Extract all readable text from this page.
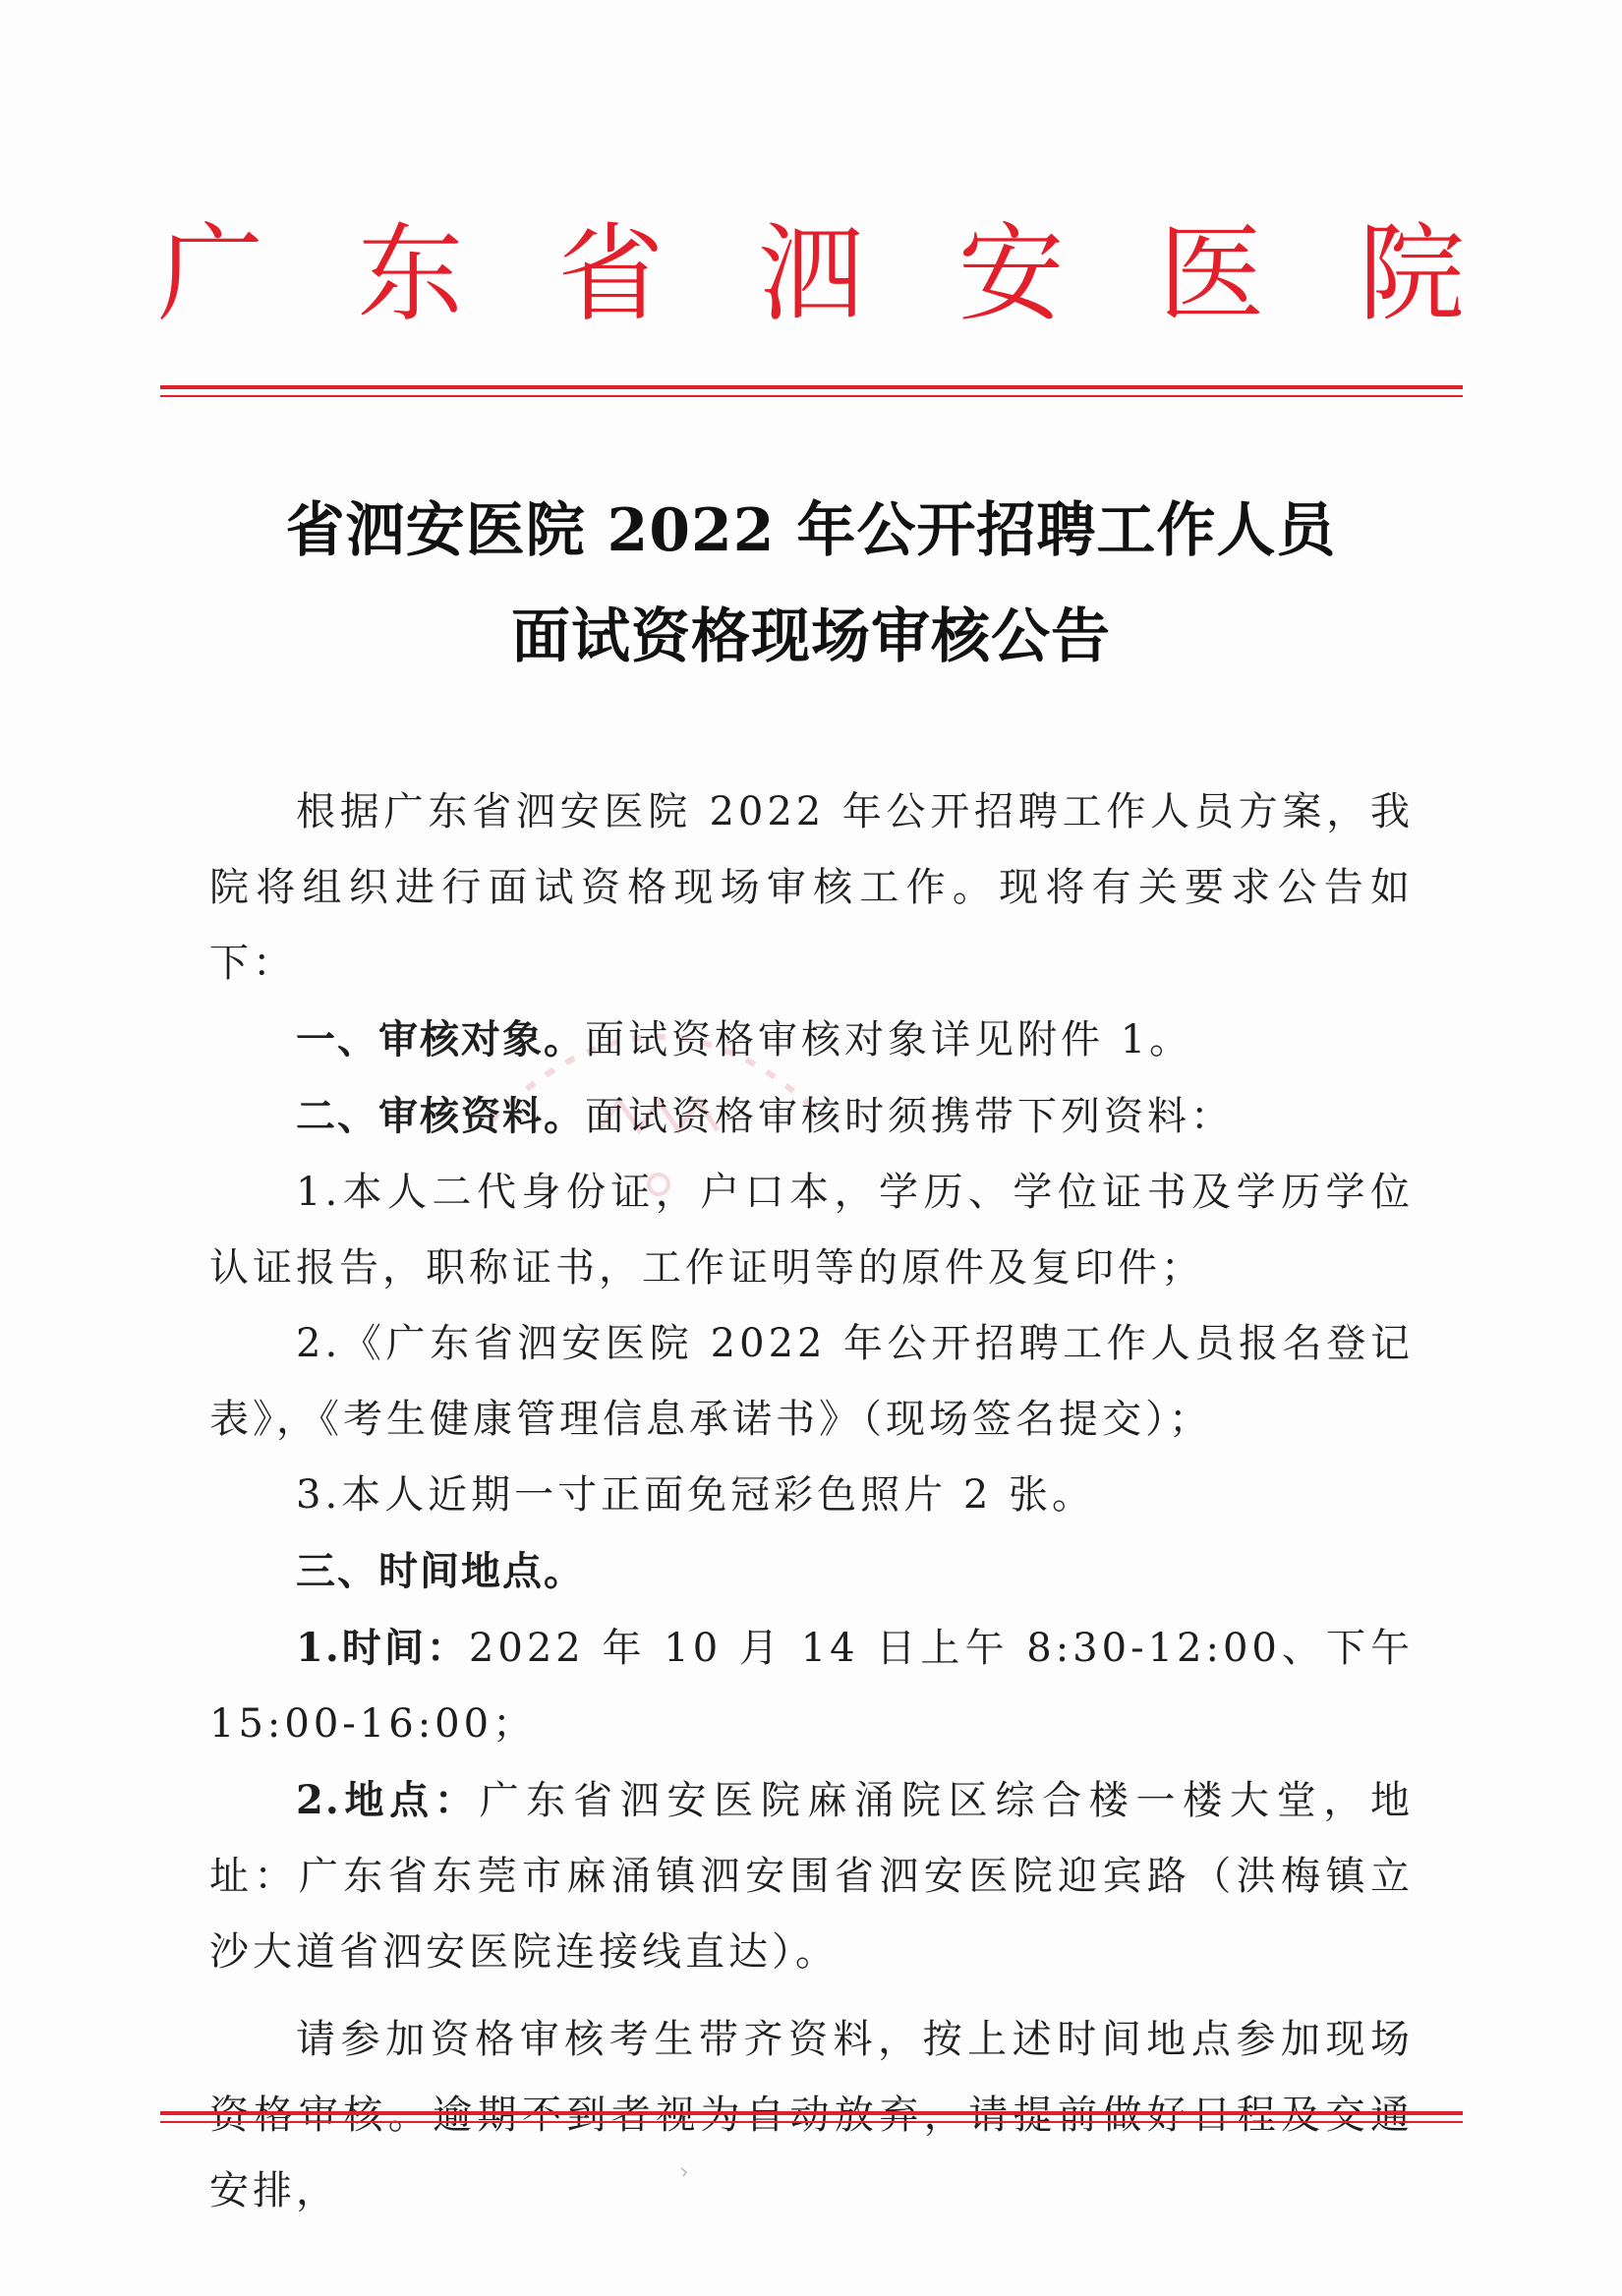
广 东 省 泗 安 医 院
省泗安医院 2022 年公开招聘工作人员
面试资格现场审核公告

根据广东省泗安医院 2022 年公开招聘工作人员方案，我院将组织进行面试资格现场审核工作。现将有关要求公告如下：

一、审核对象。面试资格审核对象详见附件 1。

二、审核资料。面试资格审核时须携带下列资料：

1.本人二代身份证，户口本，学历、学位证书及学历学位认证报告，职称证书，工作证明等的原件及复印件；

2.《广东省泗安医院 2022 年公开招聘工作人员报名登记表》，《考生健康管理信息承诺书》（现场签名提交）；

3.本人近期一寸正面免冠彩色照片 2 张。

三、时间地点。

1.时间：2022 年 10 月 14 日上午 8:30-12:00、下午 15:00-16:00；

2.地点：广东省泗安医院麻涌院区综合楼一楼大堂，地址：广东省东莞市麻涌镇泗安围省泗安医院迎宾路（洪梅镇立沙大道省泗安医院连接线直达）。

请参加资格审核考生带齐资料，按上述时间地点参加现场资格审核。逾期不到者视为自动放弃，请提前做好日程及交通安排，
